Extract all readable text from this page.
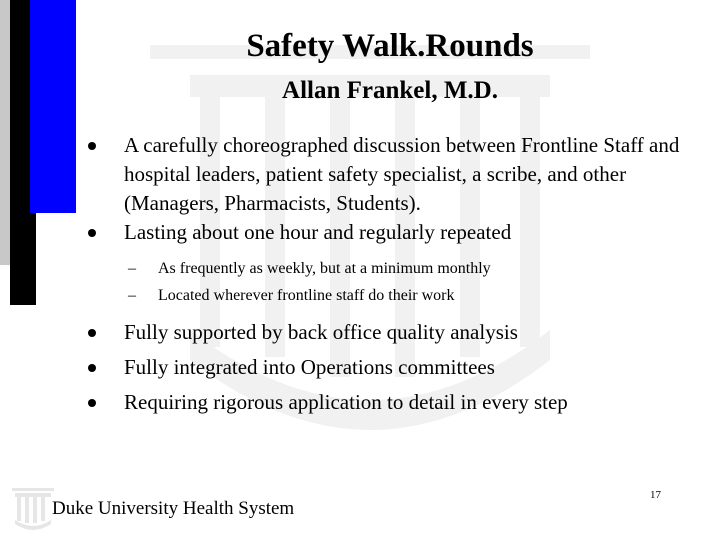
Safety Walk.Rounds
Allan Frankel, M.D.
A carefully choreographed discussion between Frontline Staff and hospital leaders, patient safety specialist, a scribe, and other (Managers, Pharmacists, Students).
Lasting about one hour and regularly repeated
– As frequently as weekly, but at a minimum monthly
– Located wherever frontline staff do their work
Fully supported by back office quality analysis
Fully integrated into Operations committees
Requiring rigorous application to detail in every step
Duke University Health System
17
